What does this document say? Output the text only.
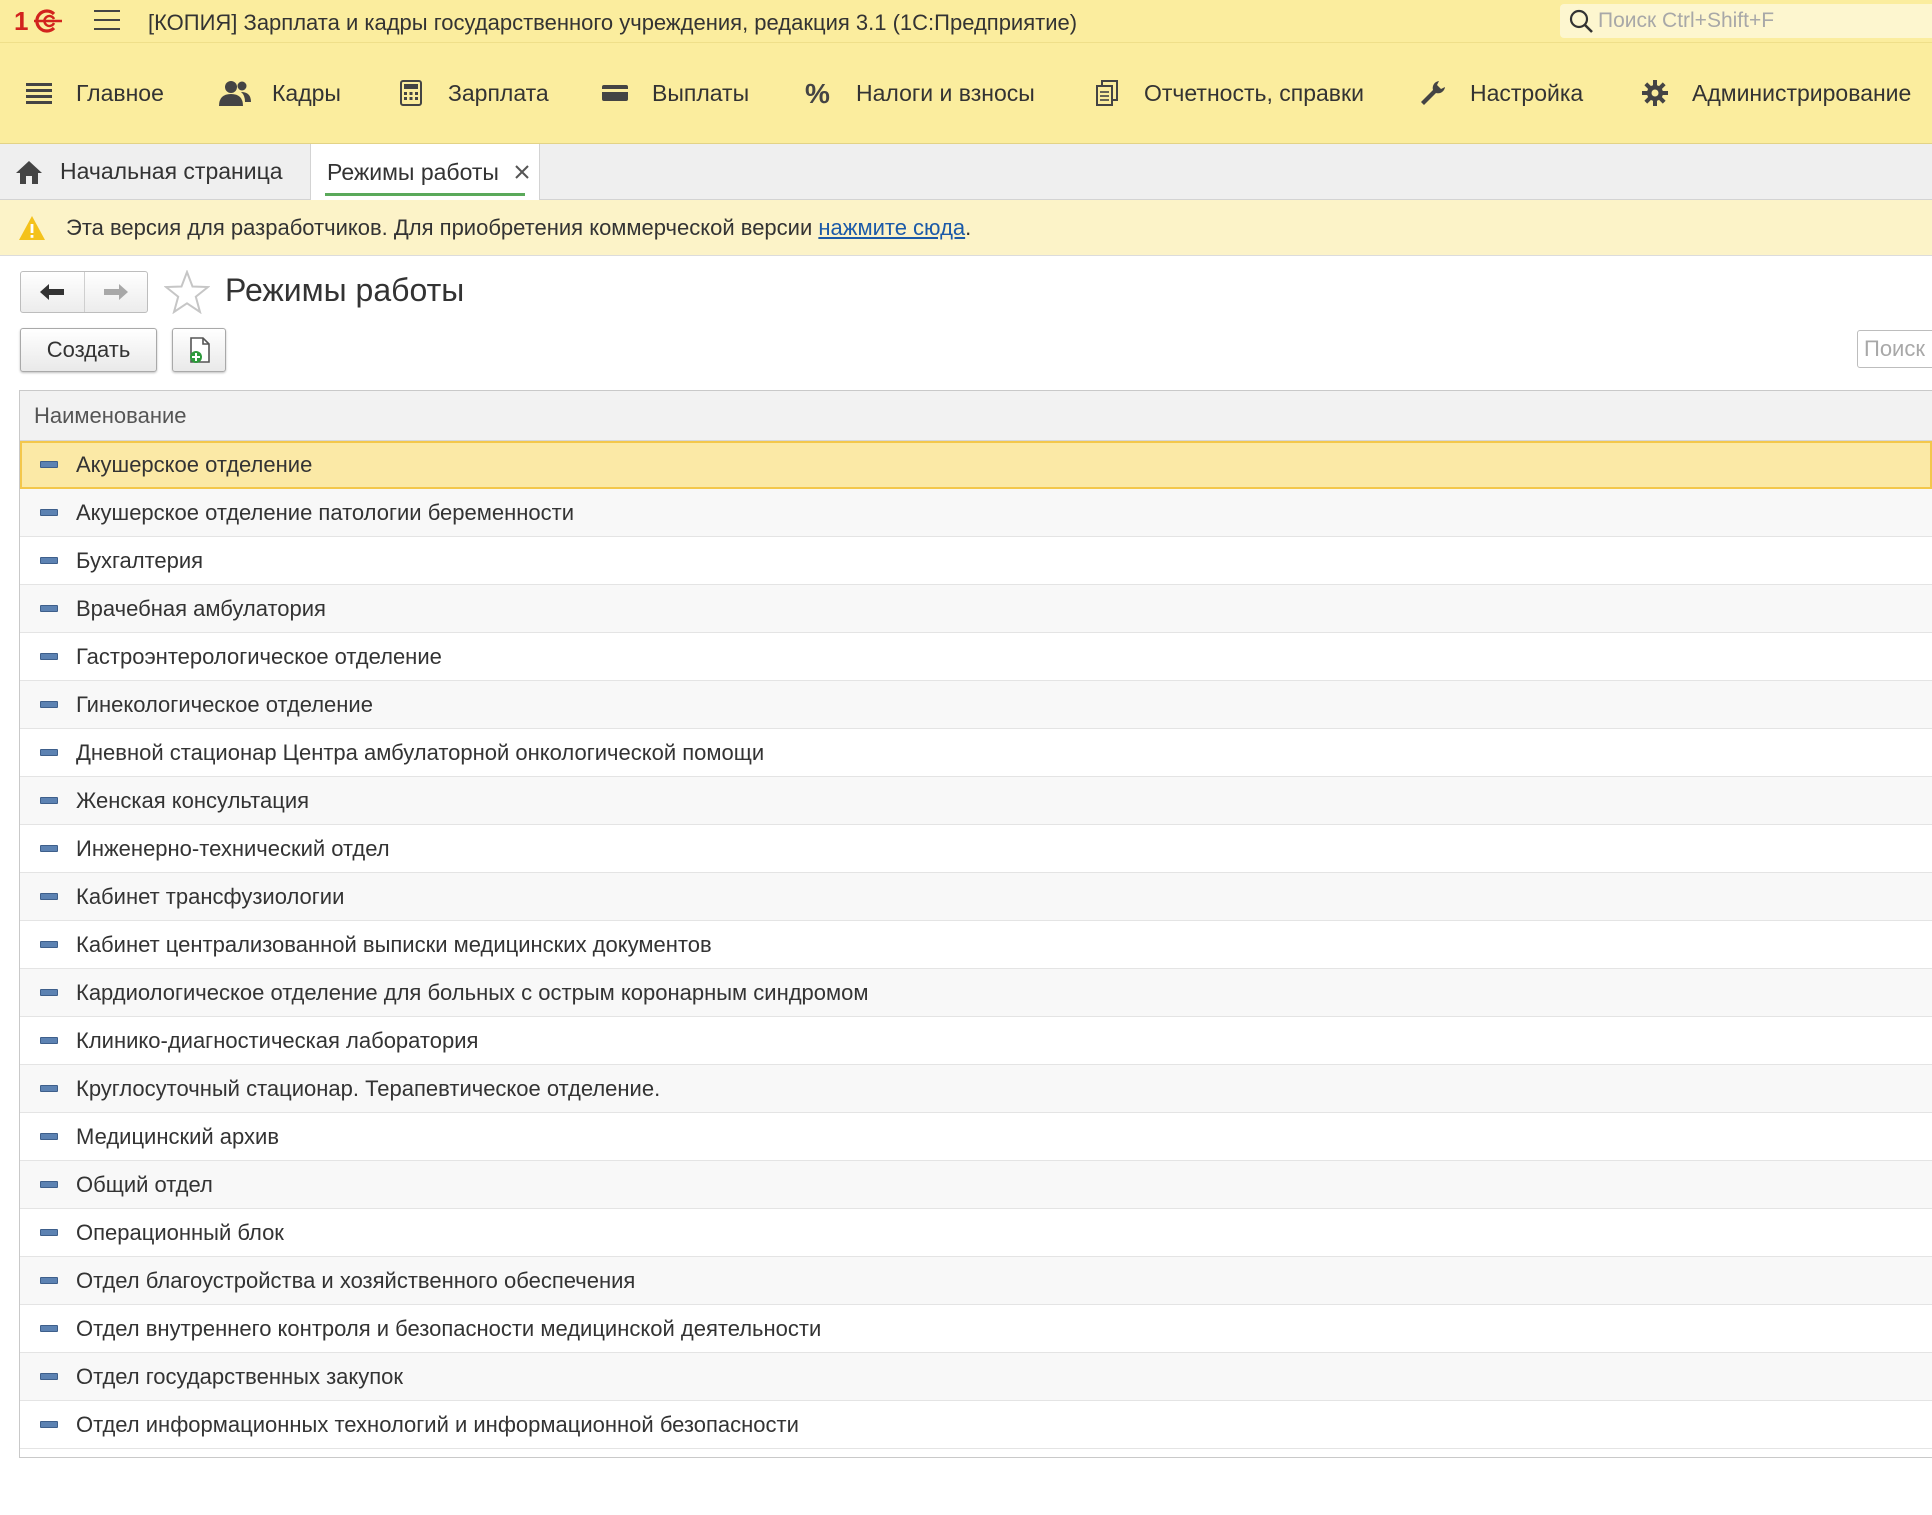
1	[КОПИЯ] Зарплата и кадры государственного учреждения, редакция 3.1 (1С:Предприятие)
Поиск Ctrl+Shift+F
Главное	Кадры	Зарплата	Выплаты % Налоги и взносы	Отчетность, справки	Настройка	Администрирование
Начальная страница Режимы работы
Эта версия для разработчиков. Для приобретения коммерческой версии нажмите сюда.
Режимы работы
Создать
Поиск
Наименование
Акушерское отделение
Акушерское отделение патологии беременности
Бухгалтерия
Врачебная амбулатория
Гастроэнтерологическое отделение
Гинекологическое отделение
Дневной стационар Центра амбулаторной онкологической помощи
Женская консультация
Инженерно-технический отдел
Кабинет трансфузиологии
Кабинет централизованной выписки медицинских документов
Кардиологическое отделение для больных с острым коронарным синдромом
Клинико-диагностическая лаборатория
Круглосуточный стационар. Терапевтическое отделение.
Медицинский архив
Общий отдел
Операционный блок
Отдел благоустройства и хозяйственного обеспечения
Отдел внутреннего контроля и безопасности медицинской деятельности
Отдел государственных закупок
Отдел информационных технологий и информационной безопасности
